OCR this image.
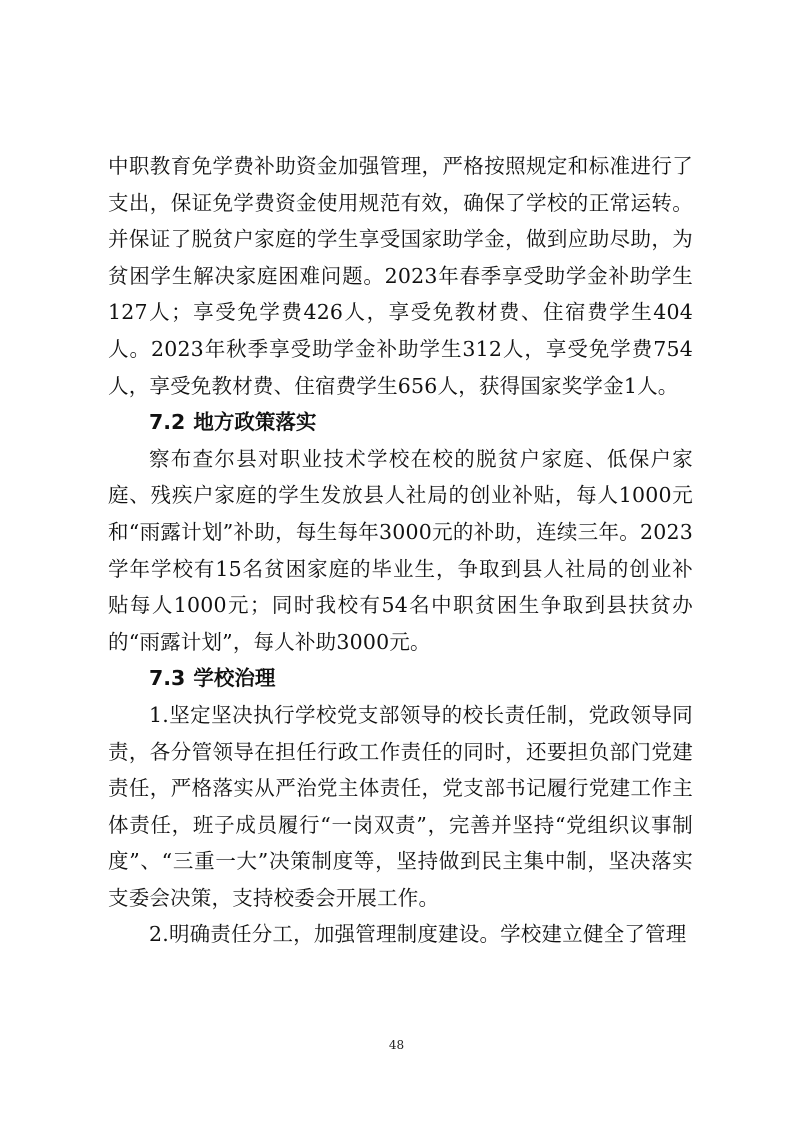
中职教育免学费补助资金加强管理，严格按照规定和标准进行了支出，保证免学费资金使用规范有效，确保了学校的正常运转。并保证了脱贫户家庭的学生享受国家助学金，做到应助尽助，为贫困学生解决家庭困难问题。2023年春季享受助学金补助学生127人；享受免学费426人，享受免教材费、住宿费学生404人。2023年秋季享受助学金补助学生312人，享受免学费754人，享受免教材费、住宿费学生656人，获得国家奖学金1人。

7.2 地方政策落实

察布查尔县对职业技术学校在校的脱贫户家庭、低保户家庭、残疾户家庭的学生发放县人社局的创业补贴，每人1000元和“雨露计划”补助，每生每年3000元的补助，连续三年。2023学年学校有15名贫困家庭的毕业生，争取到县人社局的创业补贴每人1000元；同时我校有54名中职贫困生争取到县扶贫办的“雨露计划”，每人补助3000元。

7.3 学校治理

1.坚定坚决执行学校党支部领导的校长责任制，党政领导同责，各分管领导在担任行政工作责任的同时，还要担负部门党建责任，严格落实从严治党主体责任，党支部书记履行党建工作主体责任，班子成员履行“一岗双责”，完善并坚持“党组织议事制度”、“三重一大”决策制度等，坚持做到民主集中制，坚决落实支委会决策，支持校委会开展工作。

2.明确责任分工，加强管理制度建设。学校建立健全了管理

48
